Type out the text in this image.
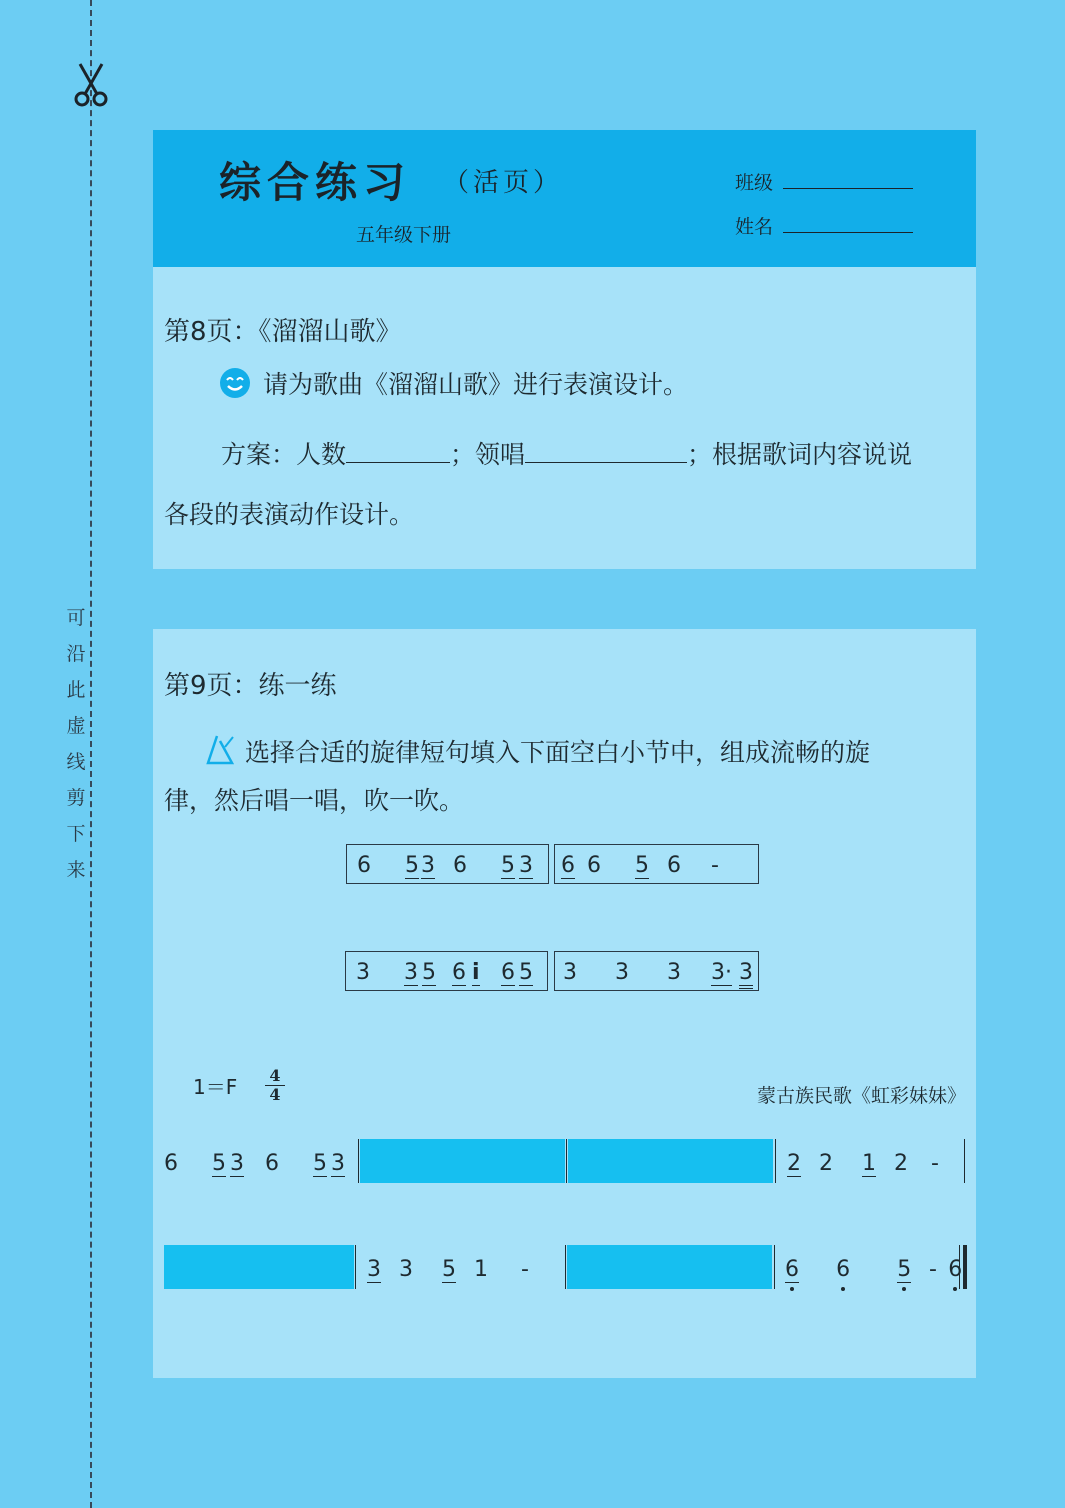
可
沿
此
虚
线
剪
下
来
综合练习 （活页）
五年级下册
班级
姓名
第8页：《溜溜山歌》
请为歌曲《溜溜山歌》进行表演设计。
方案：人数	；领唱	；根据歌词内容说说
各段的表演动作设计。
第9页：练一练
选择合适的旋律短句填入下面空白小节中，组成流畅的旋
律，然后唱一唱，吹一吹。
6 5 3 6 5 3 6 6 5 6 -
3 3 5 6 i 6 5 3 3 3 3· 3
1＝F 4
4	蒙古族民歌《虹彩妹妹》
6 5 3 6 5 3	2 2 1 2 -
3 3 5 1 -	6 6 5 6
-
